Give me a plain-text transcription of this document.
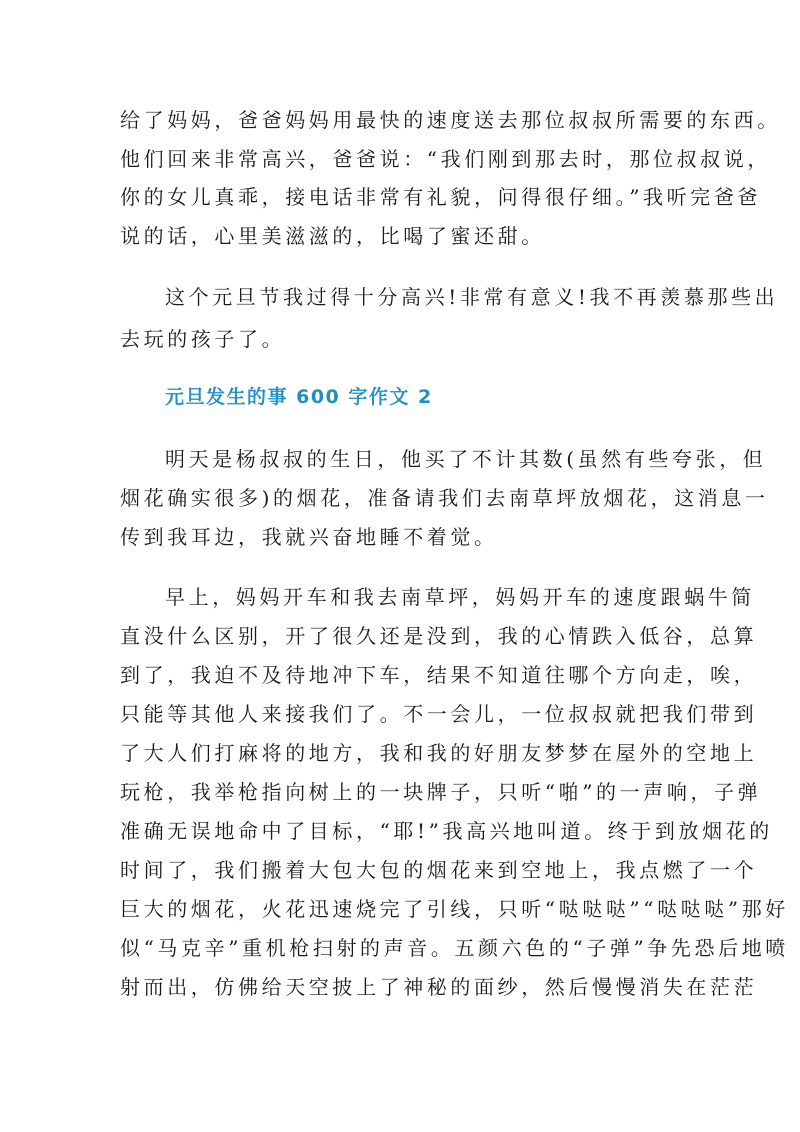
给了妈妈，爸爸妈妈用最快的速度送去那位叔叔所需要的东西。
他们回来非常高兴，爸爸说：“我们刚到那去时，那位叔叔说，
你的女儿真乖，接电话非常有礼貌，问得很仔细。”我听完爸爸
说的话，心里美滋滋的，比喝了蜜还甜。
这个元旦节我过得十分高兴!非常有意义!我不再羡慕那些出
去玩的孩子了。
元旦发生的事 600 字作文 2
明天是杨叔叔的生日，他买了不计其数(虽然有些夸张，但
烟花确实很多)的烟花，准备请我们去南草坪放烟花，这消息一
传到我耳边，我就兴奋地睡不着觉。
早上，妈妈开车和我去南草坪，妈妈开车的速度跟蜗牛简
直没什么区别，开了很久还是没到，我的心情跌入低谷，总算
到了，我迫不及待地冲下车，结果不知道往哪个方向走，唉，
只能等其他人来接我们了。不一会儿，一位叔叔就把我们带到
了大人们打麻将的地方，我和我的好朋友梦梦在屋外的空地上
玩枪，我举枪指向树上的一块牌子，只听“啪”的一声响，子弹
准确无误地命中了目标，“耶!”我高兴地叫道。终于到放烟花的
时间了，我们搬着大包大包的烟花来到空地上，我点燃了一个
巨大的烟花，火花迅速烧完了引线，只听“哒哒哒”“哒哒哒”那好
似“马克辛”重机枪扫射的声音。五颜六色的“子弹”争先恐后地喷
射而出，仿佛给天空披上了神秘的面纱，然后慢慢消失在茫茫
